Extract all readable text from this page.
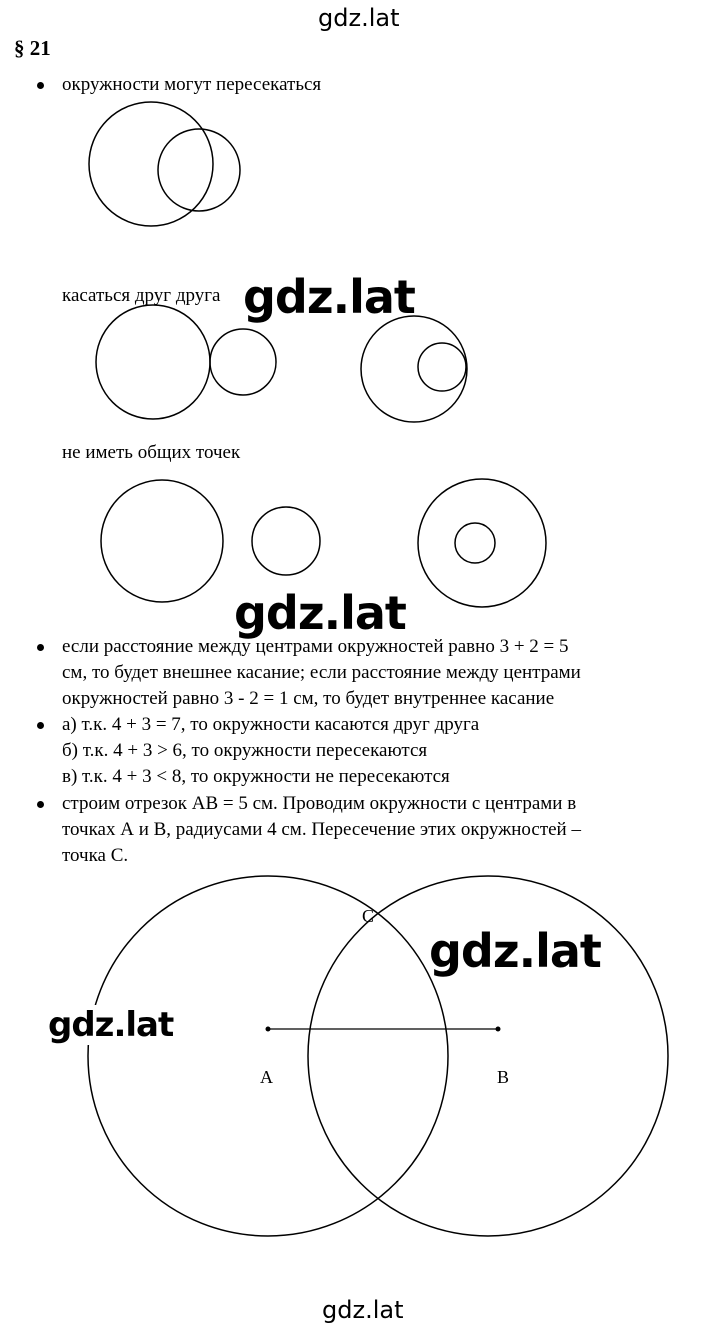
gdz.lat
§ 21
окружности могут пересекаться
касаться друг друга
не иметь общих точек
gdz.lat
gdz.lat
если расстояние между центрами окружностей равно 3 + 2 = 5
см, то будет внешнее касание; если расстояние между центрами
окружностей равно 3 - 2 = 1 см, то будет внутреннее касание
а) т.к. 4 + 3 = 7, то окружности касаются друг друга
б) т.к. 4 + 3 > 6, то окружности пересекаются
в) т.к. 4 + 3 < 8, то окружности не пересекаются
строим отрезок AB = 5 см. Проводим окружности с центрами в
точках А и В, радиусами 4 см. Пересечение этих окружностей –
точка С.
C
A	B
gdz.lat
gdz.lat
gdz.lat
